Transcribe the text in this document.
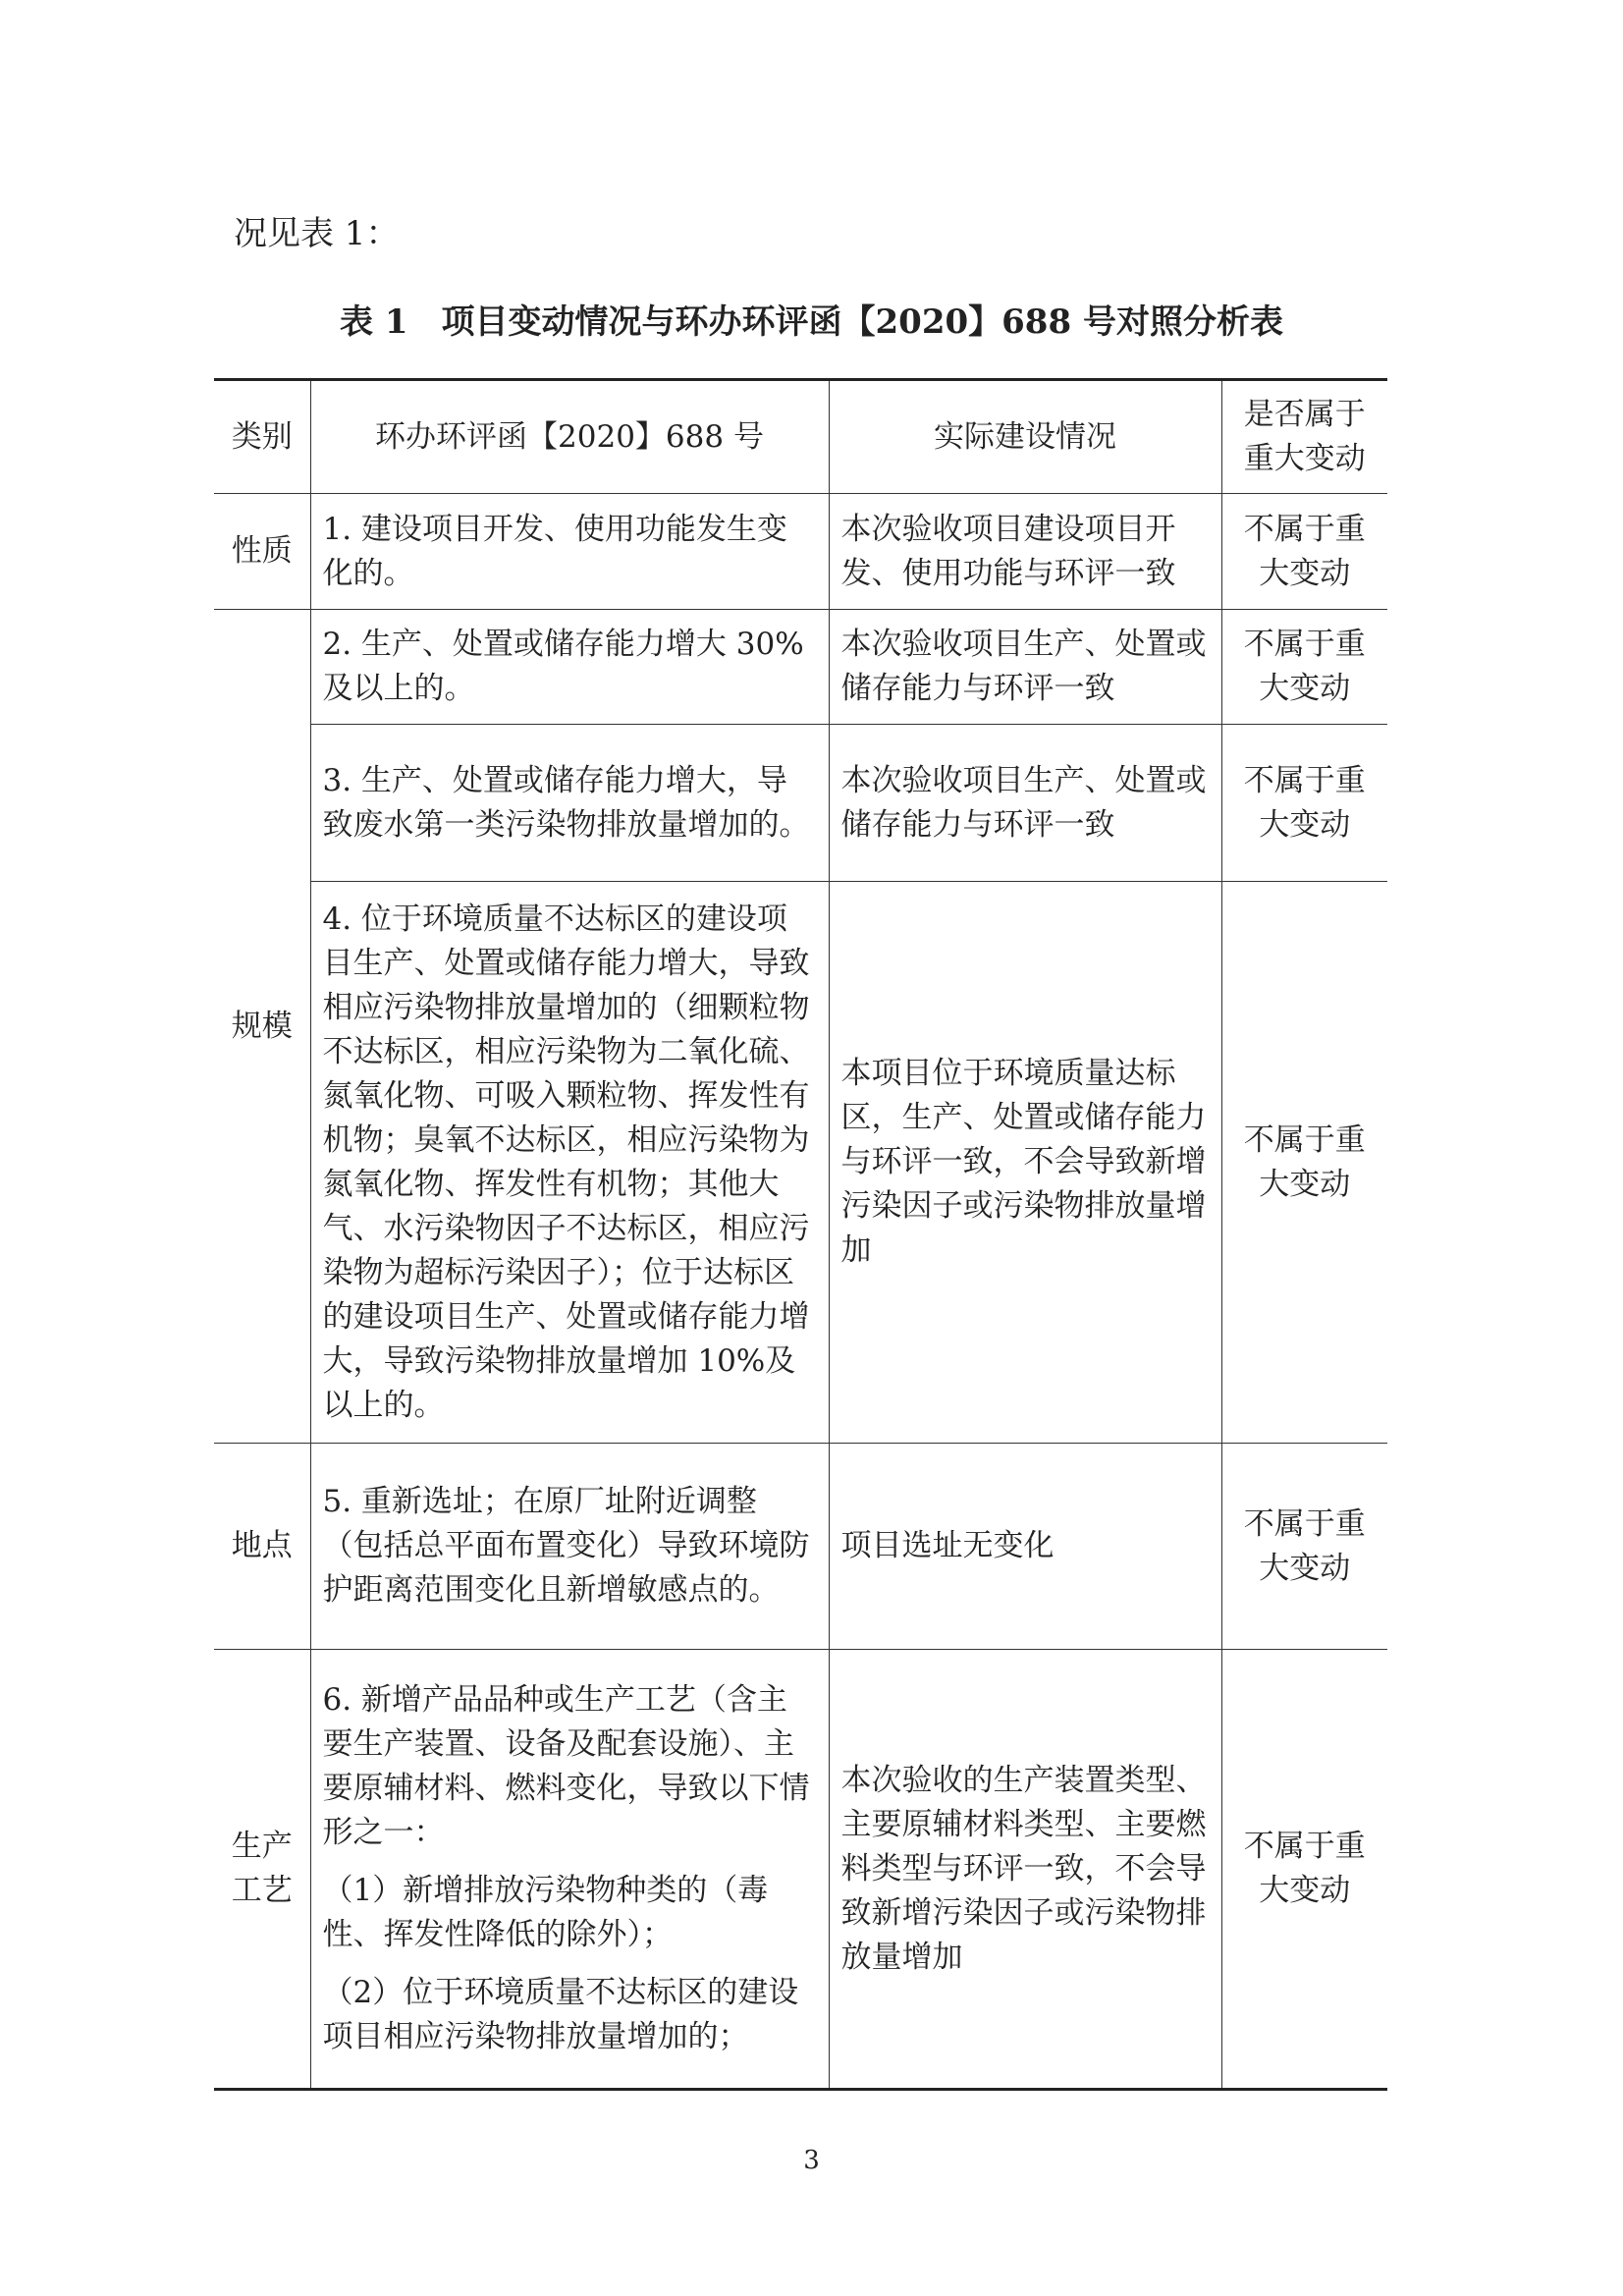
况见表 1：
表 1　项目变动情况与环办环评函【2020】688 号对照分析表
类别	环办环评函【2020】688 号	实际建设情况	是否属于重大变动
性质	1. 建设项目开发、使用功能发生变化的。	本次验收项目建设项目开发、使用功能与环评一致	不属于重大变动
规模	2. 生产、处置或储存能力增大 30%及以上的。	本次验收项目生产、处置或储存能力与环评一致	不属于重大变动

	3. 生产、处置或储存能力增大，导致废水第一类污染物排放量增加的。	本次验收项目生产、处置或储存能力与环评一致	不属于重大变动

	4. 位于环境质量不达标区的建设项目生产、处置或储存能力增大，导致相应污染物排放量增加的（细颗粒物不达标区，相应污染物为二氧化硫、氮氧化物、可吸入颗粒物、挥发性有机物；臭氧不达标区，相应污染物为氮氧化物、挥发性有机物；其他大气、水污染物因子不达标区，相应污染物为超标污染因子）；位于达标区的建设项目生产、处置或储存能力增大，导致污染物排放量增加 10%及以上的。	本项目位于环境质量达标区，生产、处置或储存能力与环评一致，不会导致新增污染因子或污染物排放量增加	不属于重大变动
地点	5. 重新选址；在原厂址附近调整（包括总平面布置变化）导致环境防护距离范围变化且新增敏感点的。	项目选址无变化	不属于重大变动
生产工艺	6. 新增产品品种或生产工艺（含主要生产装置、设备及配套设施）、主要原辅材料、燃料变化，导致以下情形之一：

（1）新增排放污染物种类的（毒性、挥发性降低的除外）；

（2）位于环境质量不达标区的建设项目相应污染物排放量增加的；	本次验收的生产装置类型、主要原辅材料类型、主要燃料类型与环评一致，不会导致新增污染因子或污染物排放量增加	不属于重大变动
3
